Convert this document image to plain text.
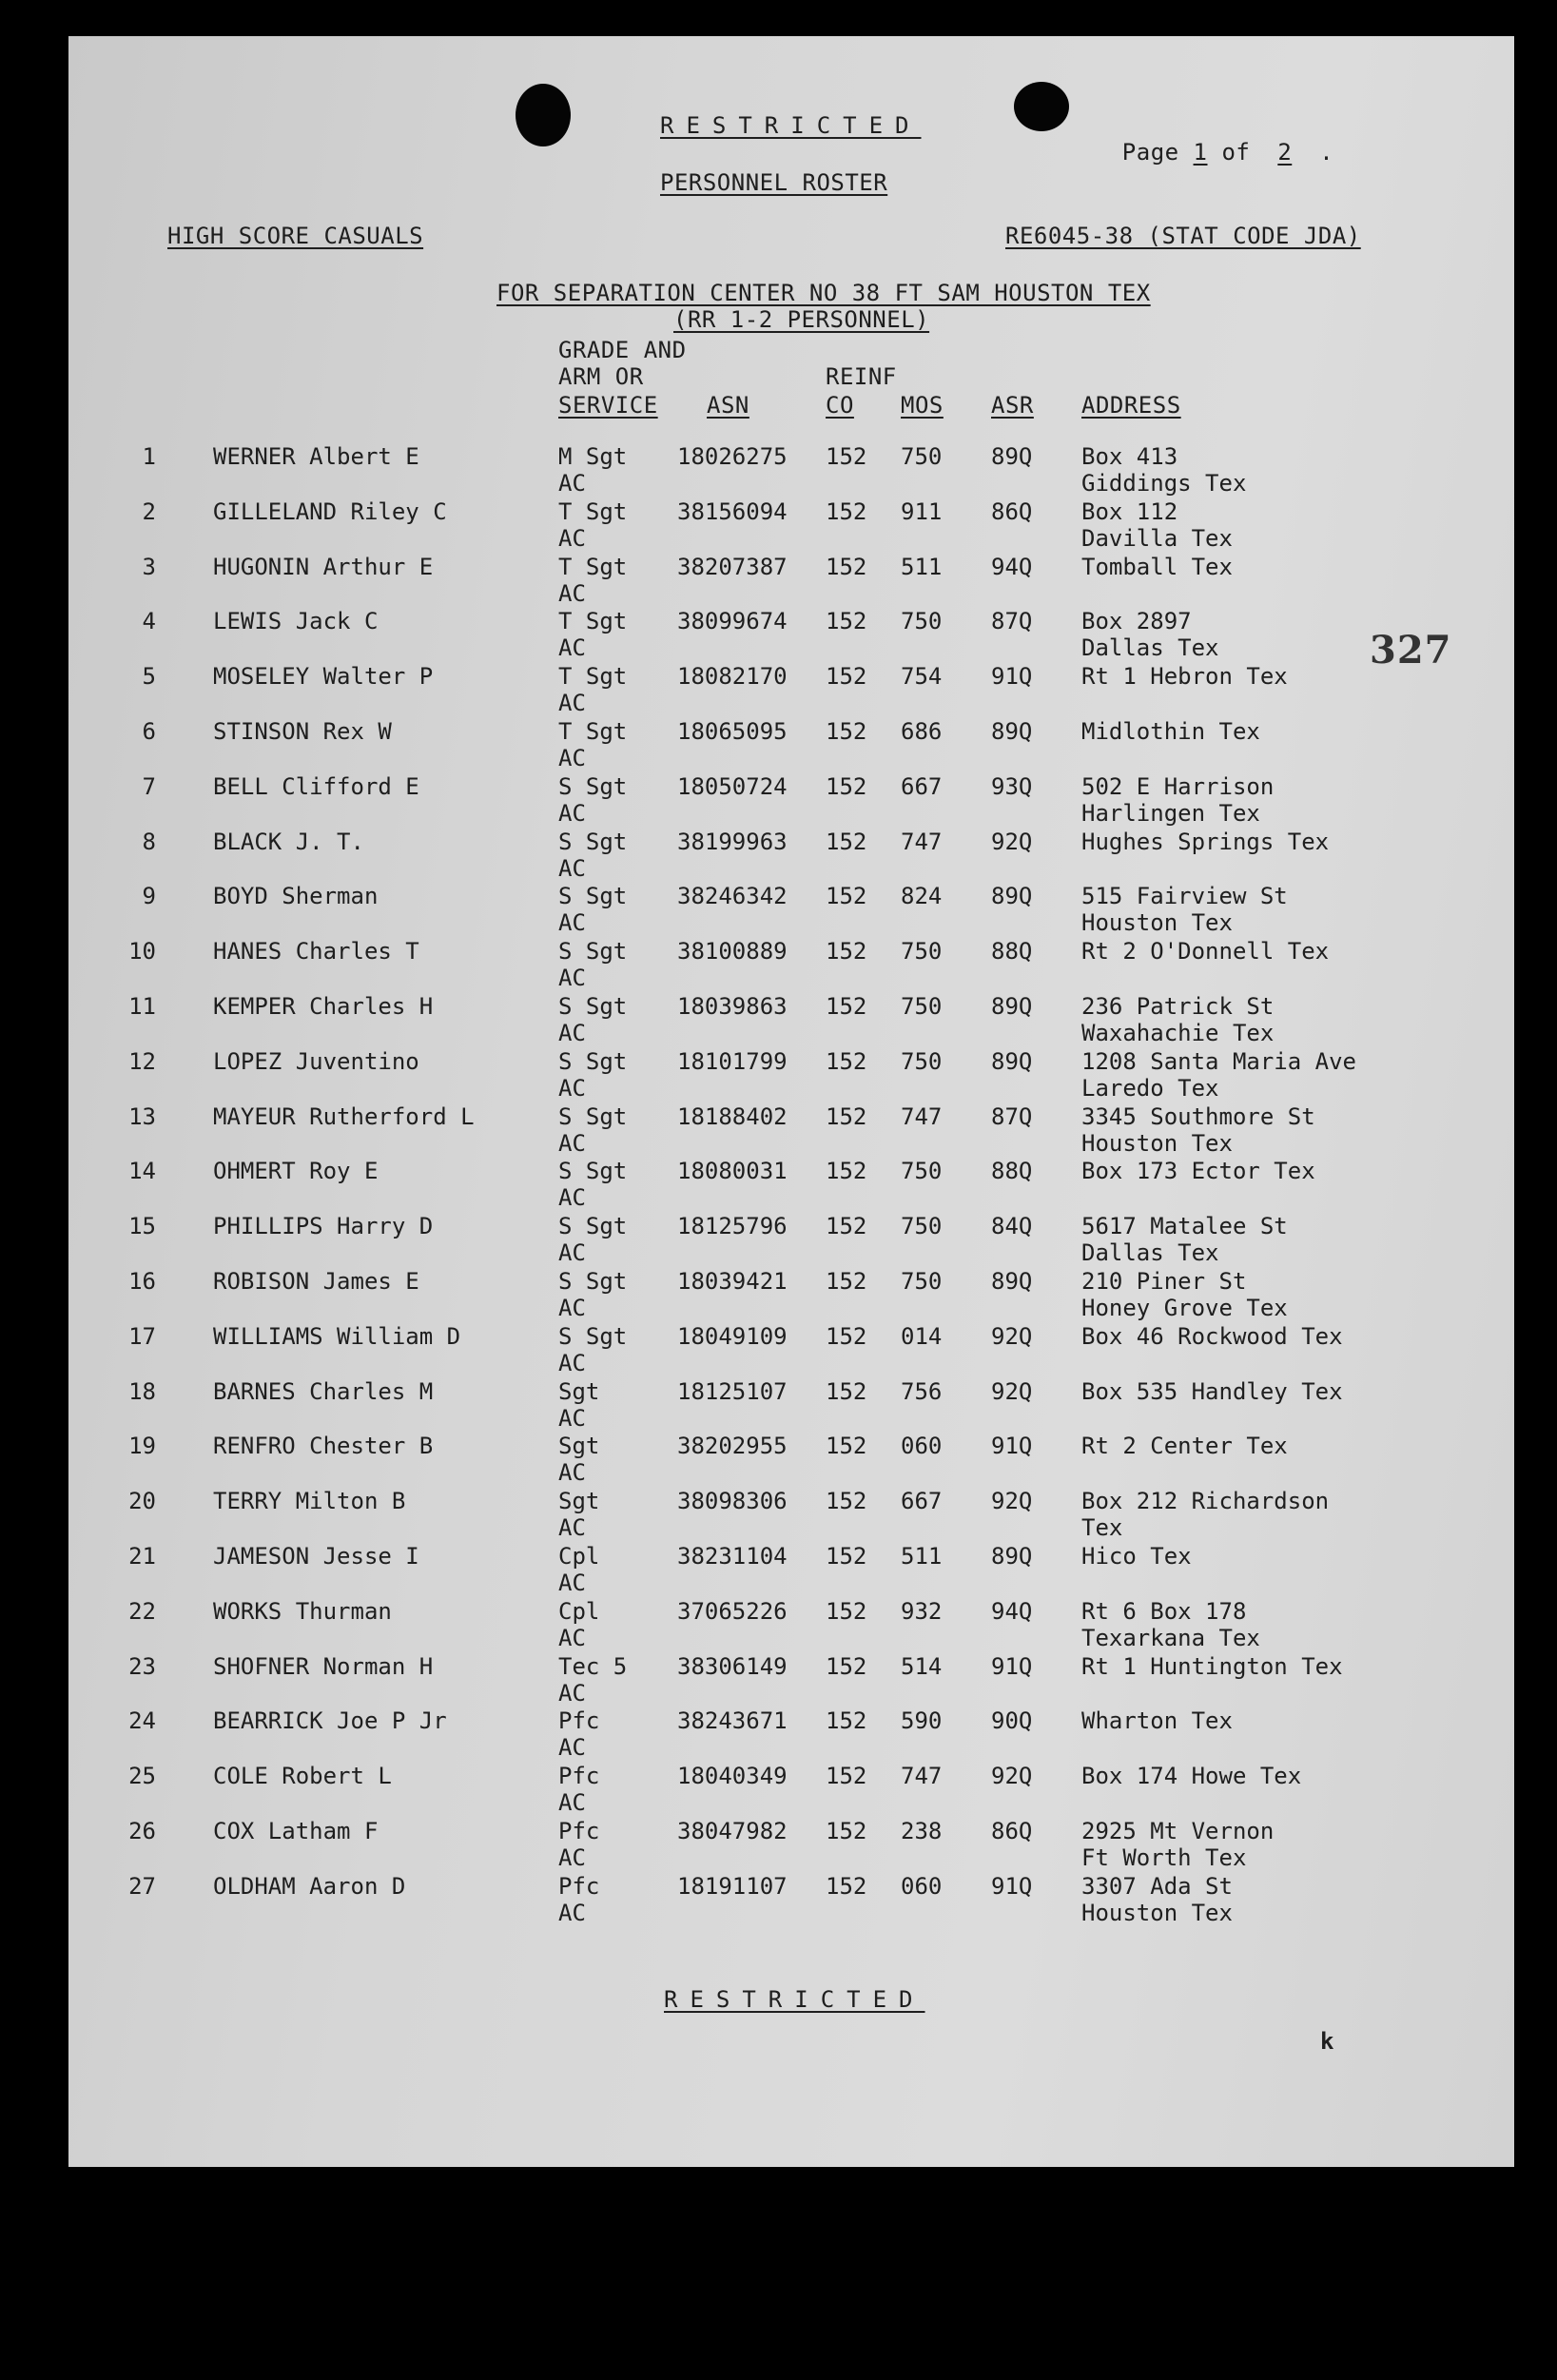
RESTRICTED

Page 1 of 2 .

PERSONNEL ROSTER
HIGH SCORE CASUALS	RE6045-38 (STAT CODE JDA)
FOR SEPARATION CENTER NO 38 FT SAM HOUSTON TEX
(RR 1-2 PERSONNEL)
GRADE AND
ARM OR
SERVICE ASN
REINF
CO MOS ASR ADDRESS
1	WERNER Albert E	M Sgt 18026275 152 750 89Q Box 413
AC	Giddings Tex
2	GILLELAND Riley C	T Sgt 38156094 152 911 86Q Box 112
AC	Davilla Tex
3	HUGONIN Arthur E	T Sgt 38207387 152 511 94Q Tomball Tex
AC
4	LEWIS Jack C	T Sgt 38099674 152 750 87Q Box 2897
AC	Dallas Tex
5	MOSELEY Walter P	T Sgt 18082170 152 754 91Q Rt 1 Hebron Tex
AC
6	STINSON Rex W	T Sgt 18065095 152 686 89Q Midlothin Tex
AC
7	BELL Clifford E	S Sgt 18050724 152 667 93Q 502 E Harrison
AC	Harlingen Tex
8	BLACK J. T.	S Sgt 38199963 152 747 92Q Hughes Springs Tex
AC
9	BOYD Sherman	S Sgt 38246342 152 824 89Q 515 Fairview St
AC	Houston Tex
10	HANES Charles T	S Sgt 38100889 152 750 88Q Rt 2 O'Donnell Tex
AC
11	KEMPER Charles H	S Sgt 18039863 152 750 89Q 236 Patrick St
AC	Waxahachie Tex
12	LOPEZ Juventino	S Sgt 18101799 152 750 89Q 1208 Santa Maria Ave
AC	Laredo Tex
13	MAYEUR Rutherford L	S Sgt 18188402 152 747 87Q 3345 Southmore St
AC	Houston Tex
14	OHMERT Roy E	S Sgt 18080031 152 750 88Q Box 173 Ector Tex
AC
15	PHILLIPS Harry D	S Sgt 18125796 152 750 84Q 5617 Matalee St
AC	Dallas Tex
16	ROBISON James E	S Sgt 18039421 152 750 89Q 210 Piner St
AC	Honey Grove Tex
17	WILLIAMS William D	S Sgt 18049109 152 014 92Q Box 46 Rockwood Tex
AC
18	BARNES Charles M	Sgt	18125107 152 756 92Q Box 535 Handley Tex
AC
19	RENFRO Chester B	Sgt	38202955 152 060 91Q Rt 2 Center Tex
AC
20	TERRY Milton B	Sgt	38098306 152 667 92Q Box 212 Richardson
AC	Tex
21	JAMESON Jesse I	Cpl	38231104 152 511 89Q Hico Tex
AC
22	WORKS Thurman	Cpl	37065226 152 932 94Q Rt 6 Box 178
AC	Texarkana Tex
23	SHOFNER Norman H	Tec 5 38306149 152 514 91Q Rt 1 Huntington Tex
AC
24	BEARRICK Joe P Jr	Pfc	38243671 152 590 90Q Wharton Tex
AC
25	COLE Robert L	Pfc	18040349 152 747 92Q Box 174 Howe Tex
AC
26	COX Latham F	Pfc	38047982 152 238 86Q 2925 Mt Vernon
AC	Ft Worth Tex
27	OLDHAM Aaron D	Pfc	18191107 152 060 91Q 3307 Ada St
AC	Houston Tex
327
RESTRICTED
k
